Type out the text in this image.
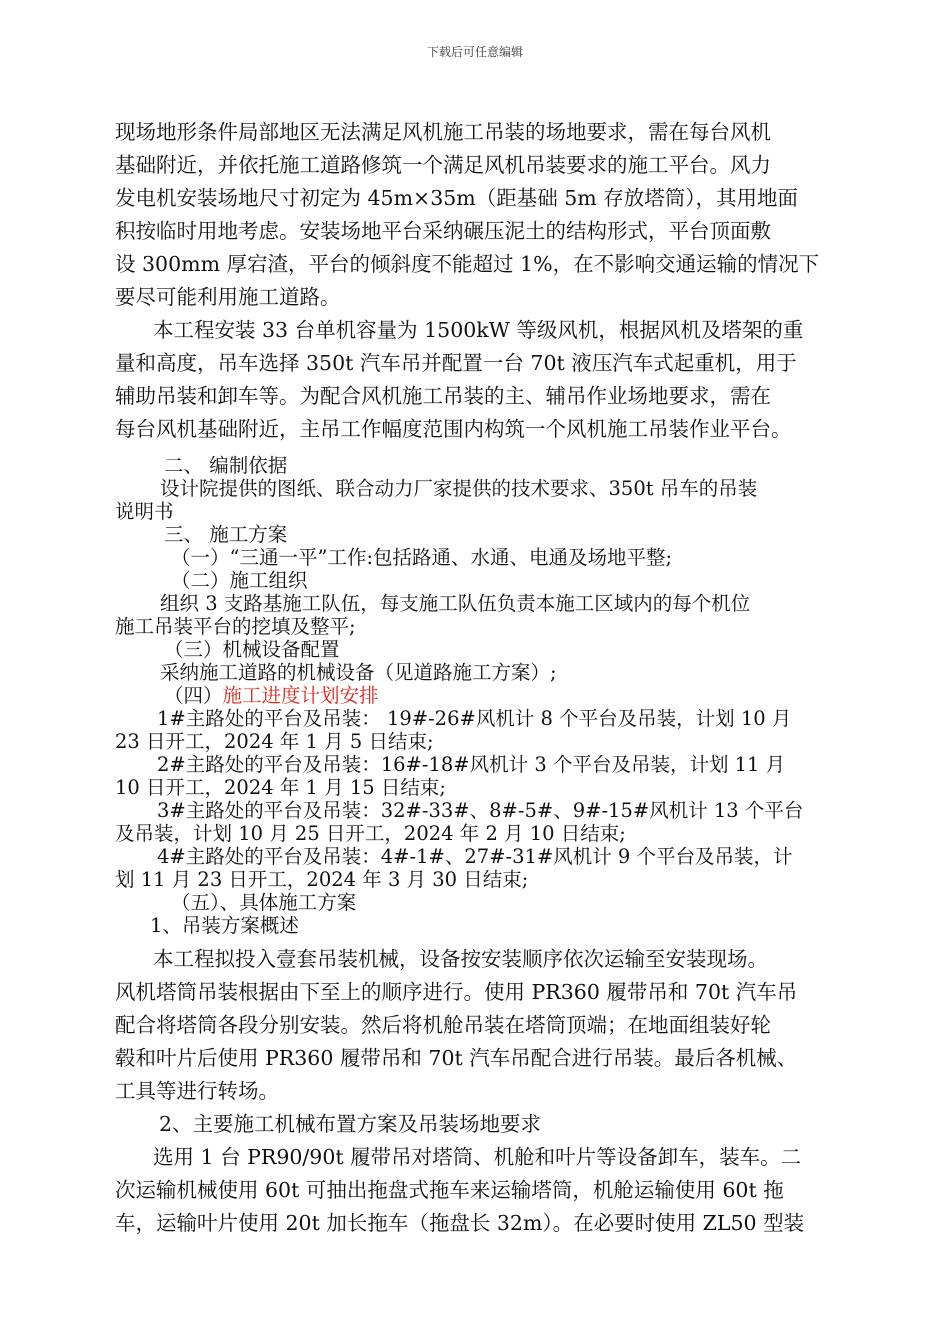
下载后可任意编辑
现场地形条件局部地区无法满足风机施工吊装的场地要求，需在每台风机
基础附近，并依托施工道路修筑一个满足风机吊装要求的施工平台。风力
发电机安装场地尺寸初定为 45m×35m（距基础 5m 存放塔筒），其用地面
积按临时用地考虑。安装场地平台采纳碾压泥土的结构形式，平台顶面敷
设 300mm 厚宕渣，平台的倾斜度不能超过 1%，在不影响交通运输的情况下
要尽可能利用施工道路。
本工程安装 33 台单机容量为 1500kW 等级风机，根据风机及塔架的重
量和高度，吊车选择 350t 汽车吊并配置一台 70t 液压汽车式起重机，用于
辅助吊装和卸车等。为配合风机施工吊装的主、辅吊作业场地要求，需在
每台风机基础附近，主吊工作幅度范围内构筑一个风机施工吊装作业平台。
二、 编制依据
设计院提供的图纸、联合动力厂家提供的技术要求、350t 吊车的吊装
说明书
三、 施工方案
（一）“三通一平”工作:包括路通、水通、电通及场地平整;
（二）施工组织
组织 3 支路基施工队伍，每支施工队伍负责本施工区域内的每个机位
施工吊装平台的挖填及整平;
（三）机械设备配置
采纳施工道路的机械设备（见道路施工方案）;
（四）施工进度计划安排
1#主路处的平台及吊装： 19#-26#风机计 8 个平台及吊装，计划 10 月
23 日开工，2024 年 1 月 5 日结束;
2#主路处的平台及吊装：16#-18#风机计 3 个平台及吊装，计划 11 月
10 日开工，2024 年 1 月 15 日结束;
3#主路处的平台及吊装：32#-33#、8#-5#、9#-15#风机计 13 个平台
及吊装，计划 10 月 25 日开工，2024 年 2 月 10 日结束;
4#主路处的平台及吊装：4#-1#、27#-31#风机计 9 个平台及吊装，计
划 11 月 23 日开工，2024 年 3 月 30 日结束;
（五）、具体施工方案
1、吊装方案概述
本工程拟投入壹套吊装机械，设备按安装顺序依次运输至安装现场。
风机塔筒吊装根据由下至上的顺序进行。使用 PR360 履带吊和 70t 汽车吊
配合将塔筒各段分别安装。然后将机舱吊装在塔筒顶端；在地面组装好轮
毂和叶片后使用 PR360 履带吊和 70t 汽车吊配合进行吊装。最后各机械、
工具等进行转场。
2、主要施工机械布置方案及吊装场地要求
选用 1 台 PR90/90t 履带吊对塔筒、机舱和叶片等设备卸车，装车。二
次运输机械使用 60t 可抽出拖盘式拖车来运输塔筒，机舱运输使用 60t 拖
车，运输叶片使用 20t 加长拖车（拖盘长 32m）。在必要时使用 ZL50 型装
